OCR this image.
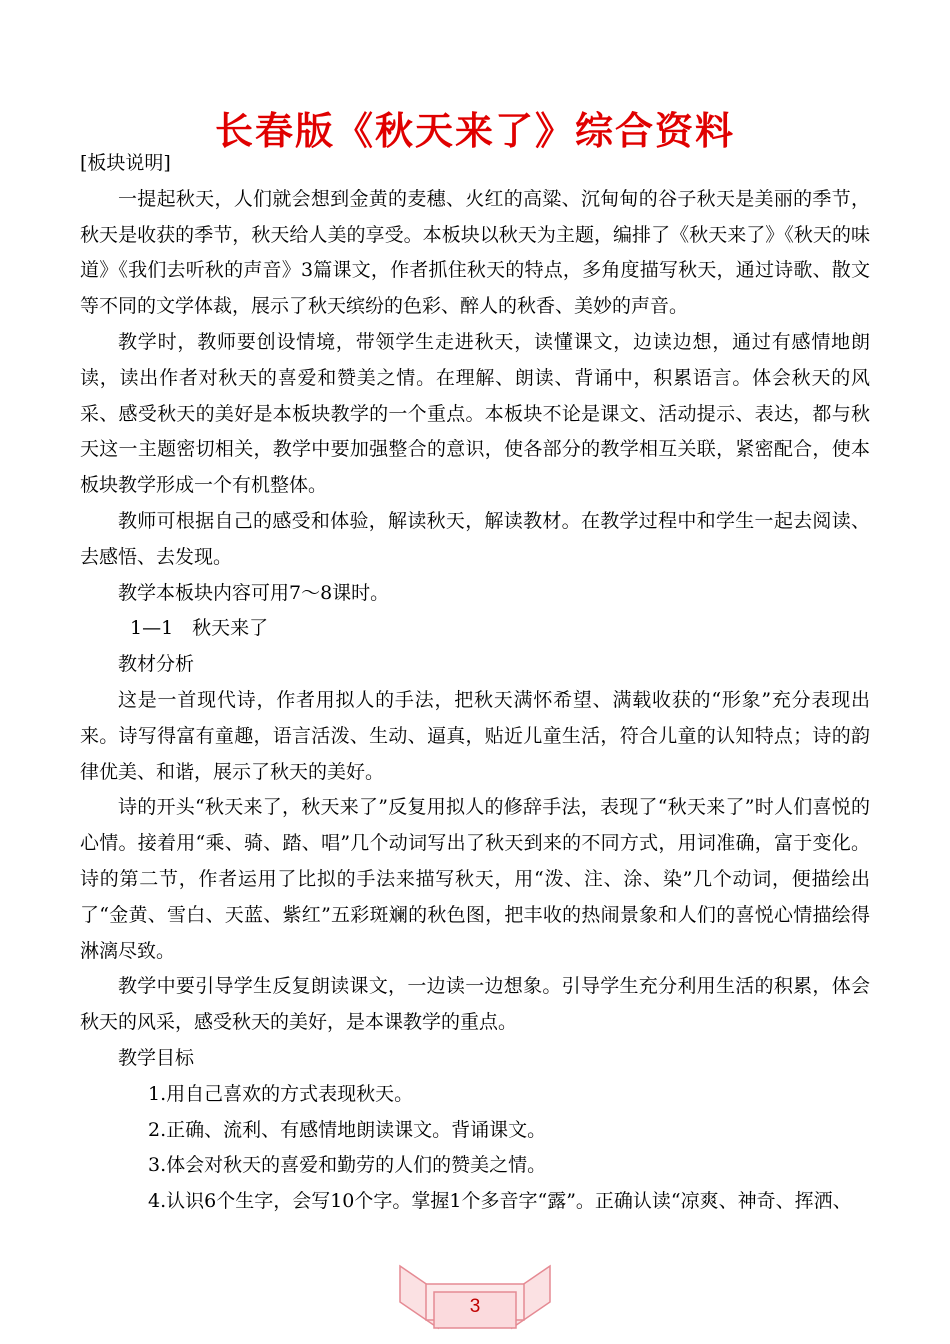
长春版《秋天来了》综合资料

[板块说明]

一提起秋天，人们就会想到金黄的麦穗、火红的高粱、沉甸甸的谷子秋天是美丽的季节，秋天是收获的季节，秋天给人美的享受。本板块以秋天为主题，编排了《秋天来了》《秋天的味道》《我们去听秋的声音》3篇课文，作者抓住秋天的特点，多角度描写秋天，通过诗歌、散文等不同的文学体裁，展示了秋天缤纷的色彩、醉人的秋香、美妙的声音。

教学时，教师要创设情境，带领学生走进秋天，读懂课文，边读边想，通过有感情地朗读，读出作者对秋天的喜爱和赞美之情。在理解、朗读、背诵中，积累语言。体会秋天的风采、感受秋天的美好是本板块教学的一个重点。本板块不论是课文、活动提示、表达，都与秋天这一主题密切相关，教学中要加强整合的意识，使各部分的教学相互关联，紧密配合，使本板块教学形成一个有机整体。

教师可根据自己的感受和体验，解读秋天，解读教材。在教学过程中和学生一起去阅读、去感悟、去发现。

教学本板块内容可用7～8课时。

1—1　秋天来了

教材分析

这是一首现代诗，作者用拟人的手法，把秋天满怀希望、满载收获的“形象”充分表现出来。诗写得富有童趣，语言活泼、生动、逼真，贴近儿童生活，符合儿童的认知特点；诗的韵律优美、和谐，展示了秋天的美好。

诗的开头“秋天来了，秋天来了”反复用拟人的修辞手法，表现了“秋天来了”时人们喜悦的心情。接着用“乘、骑、踏、唱”几个动词写出了秋天到来的不同方式，用词准确，富于变化。诗的第二节，作者运用了比拟的手法来描写秋天，用“泼、注、涂、染”几个动词，便描绘出了“金黄、雪白、天蓝、紫红”五彩斑斓的秋色图，把丰收的热闹景象和人们的喜悦心情描绘得淋漓尽致。

教学中要引导学生反复朗读课文，一边读一边想象。引导学生充分利用生活的积累，体会秋天的风采，感受秋天的美好，是本课教学的重点。

教学目标

1.用自己喜欢的方式表现秋天。

2.正确、流利、有感情地朗读课文。背诵课文。

3.体会对秋天的喜爱和勤劳的人们的赞美之情。

4.认识6个生字，会写10个字。掌握1个多音字“露”。正确认读“凉爽、神奇、挥洒、

3
